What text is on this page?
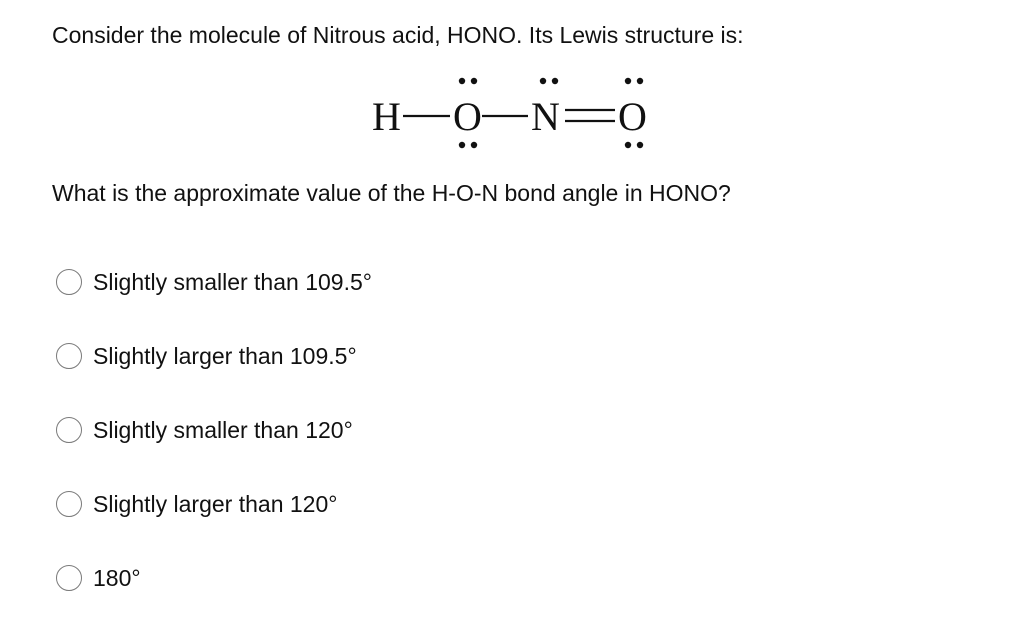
Consider the molecule of Nitrous acid, HONO. Its Lewis structure is:
H O N O
What is the approximate value of the H-O-N bond angle in HONO?
Slightly smaller than 109.5°
Slightly larger than 109.5°
Slightly smaller than 120°
Slightly larger than 120°
180°
